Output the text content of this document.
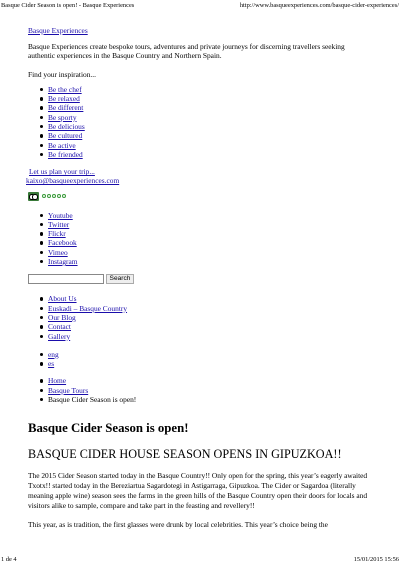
Basque Cider Season is open! - Basque Experiences	http://www.basqueexperiences.com/basque-cider-experiences/
Basque Experiences

Basque Experiences create bespoke tours, adventures and private journeys for discerning travellers seeking authentic experiences in the Basque Country and Northern Spain.

Find your inspiration...

Be the chef
Be relaxed
Be different
Be sporty
Be delicious
Be cultured
Be active
Be friended
Let us plan your trip...
kaixo@basqueexperiences.com
Youtube
Twitter
Flickr
Facebook
Vimeo
Instagram
Search
About Us
Euskadi – Basque Country
Our Blog
Contact
Gallery
eng
es
Home
Basque Tours
Basque Cider Season is open!
Basque Cider Season is open!
BASQUE CIDER HOUSE SEASON OPENS IN GIPUZKOA!!

The 2015 Cider Season started today in the Basque Country!! Only open for the spring, this year’s eagerly awaited Txotx!! started today in the Bereziartua Sagardotegi in Astigarraga, Gipuzkoa. The Cider or Sagardoa (literally meaning apple wine) season sees the farms in the green hills of the Basque Country open their doors for locals and visitors alike to sample, compare and take part in the feasting and revellery!!

This year, as is tradition, the first glasses were drunk by local celebrities. This year’s choice being the

1 de 4	15/01/2015 15:56
